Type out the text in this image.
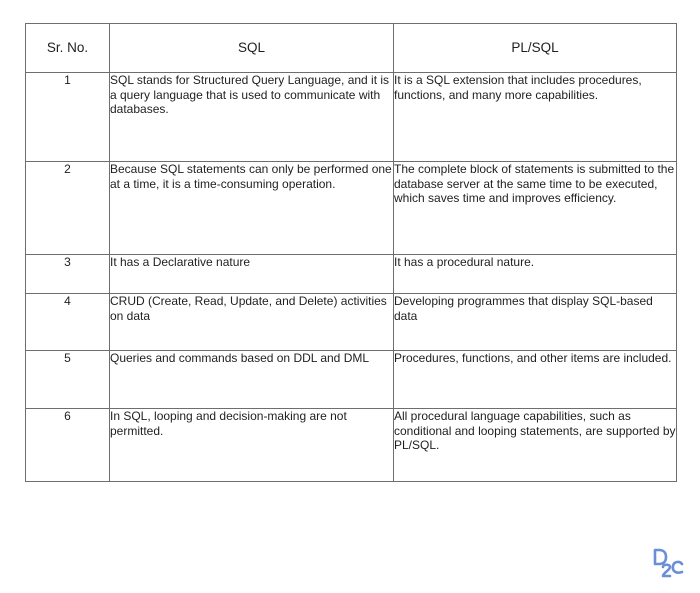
Sr. No.	SQL	PL/SQL
1	SQL stands for Structured Query Language, and it is a query language that is used to communicate with databases.	It is a SQL extension that includes procedures, functions, and many more capabilities.
2	Because SQL statements can only be performed one at a time, it is a time-consuming operation.	The complete block of statements is submitted to the database server at the same time to be executed, which saves time and improves efficiency.
3	It has a Declarative nature	It has a procedural nature.
4	CRUD (Create, Read, Update, and Delete) activities on data	Developing programmes that display SQL-based data
5	Queries and commands based on DDL and DML	Procedures, functions, and other items are included.
6	In SQL, looping and decision-making are not permitted.	All procedural language capabilities, such as conditional and looping statements, are supported by PL/SQL.
